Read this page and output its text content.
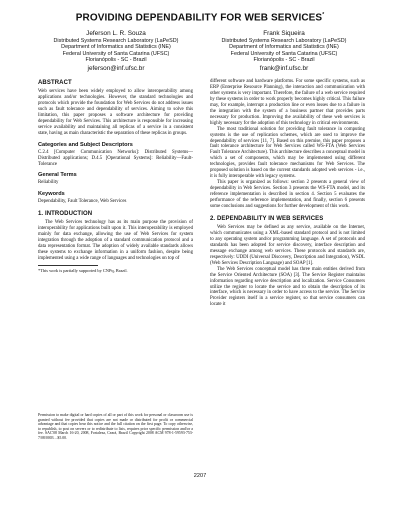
PROVIDING DEPENDABILITY FOR WEB SERVICES*
Jeferson L. R. Souza
Distributed Systems Research Laboratory (LaPeSD)
Department of Informatics and Statistics (INE)
Federal University of Santa Catarina (UFSC)
Florianópolis - SC - Brazil
jeferson@inf.ufsc.br
Frank Siqueira
Distributed Systems Research Laboratory (LaPeSD)
Department of Informatics and Statistics (INE)
Federal University of Santa Catarina (UFSC)
Florianópolis - SC - Brazil
frank@inf.ufsc.br
ABSTRACT

Web services have been widely employed to allow interoperability among applications and/or technologies. However, the standard technologies and protocols which provide the foundation for Web Services do not address issues such as fault tolerance and dependability of services. Aiming to solve this limitation, this paper proposes a software architecture for providing dependability for Web Services. This architecture is responsible for increasing service availability and maintaining all replicas of a service in a consistent state, having as main characteristic the separation of these replicas in groups.

Categories and Subject Descriptors

C.2.4 [Computer Communication Networks]: Distributed Systems—Distributed applications; D.4.5 [Operational Systems]: Reliability—Fault-Tolerance

General Terms

Reliability

Keywords

Dependability, Fault Tolerance, Web Services

1. INTRODUCTION

The Web Services technology has as its main purpose the provision of interoperability for applications built upon it. This interoperability is employed mainly for data exchange, allowing the use of Web Services for system integration through the adoption of a standard communication protocol and a data representation format. The adoption of widely available standards allows these systems to exchange information in a uniform fashion, despite being implemented using a wide range of languages and technologies on top of

*This work is partially supported by CNPq, Brazil.

Permission to make digital or hard copies of all or part of this work for personal or classroom use is granted without fee provided that copies are not made or distributed for profit or commercial advantage and that copies bear this notice and the full citation on the first page. To copy otherwise, to republish, to post on servers or to redistribute to lists, requires prior specific permission and/or a fee. SAC'08 March 16-20, 2008, Fortaleza, Ceará, Brazil Copyright 2008 ACM 978-1-59593-753-7/08/0003 ...$5.00.

different software and hardware platforms. For some specific systems, such as ERP (Enterprise Resource Planning), the interaction and communication with other systems is very important. Therefore, the failure of a web service required by these systems in order to work properly becomes highly critical. This failure may, for example, interrupt a production line or even losses due to a failure in the integration with the system of a business partner that provides parts necessary for production. Improving the availability of these web services is highly necessary for the adoption of this technology in critical environments.

The most traditional solution for providing fault tolerance in computing systems is the use of replication schemes, which are used to improve the dependability of services [11, 7]. Based on this premise, this paper proposes a fault tolerance architecture for Web Services called WS-FTA (Web Services Fault Tolerance Architecture). This architecture describes a conceptual model in which a set of components, which may be implemented using different technologies, provides fault tolerance mechanisms for Web Services. The proposed solution is based on the current standards adopted web services - i.e., it is fully interoperable with legacy systems.

This paper is organized as follows: section 2 presents a general view of dependability in Web Services. Section 3 presents the WS-FTA model, and its reference implementation is described in section 4. Section 5 evaluates the performance of the reference implementation, and finally, section 6 presents some conclusions and suggestions for further development of this work.

2. DEPENDABILITY IN WEB SERVICES

Web Services may be defined as any service, available on the Internet, which communicates using a XML-based standard protocol and is not limited to any operating system and/or programming language. A set of protocols and standards has been adopted for service discovery, interface description and message exchange among web services. These protocols and standards are, respectively: UDDI (Universal Discovery, Description and Integration), WSDL (Web Services Description Language) and SOAP [1].

The Web Services conceptual model has three main entities derived from the Service Oriented Architecture (SOA) [3]. The Service Register maintains information regarding service description and localization. Service Consumers utilize the register to locate the service and to obtain the description of its interface, which is necessary in order to have access to the service. The Service Provider registers itself in a service register, so that service consumers can locate it

2207
